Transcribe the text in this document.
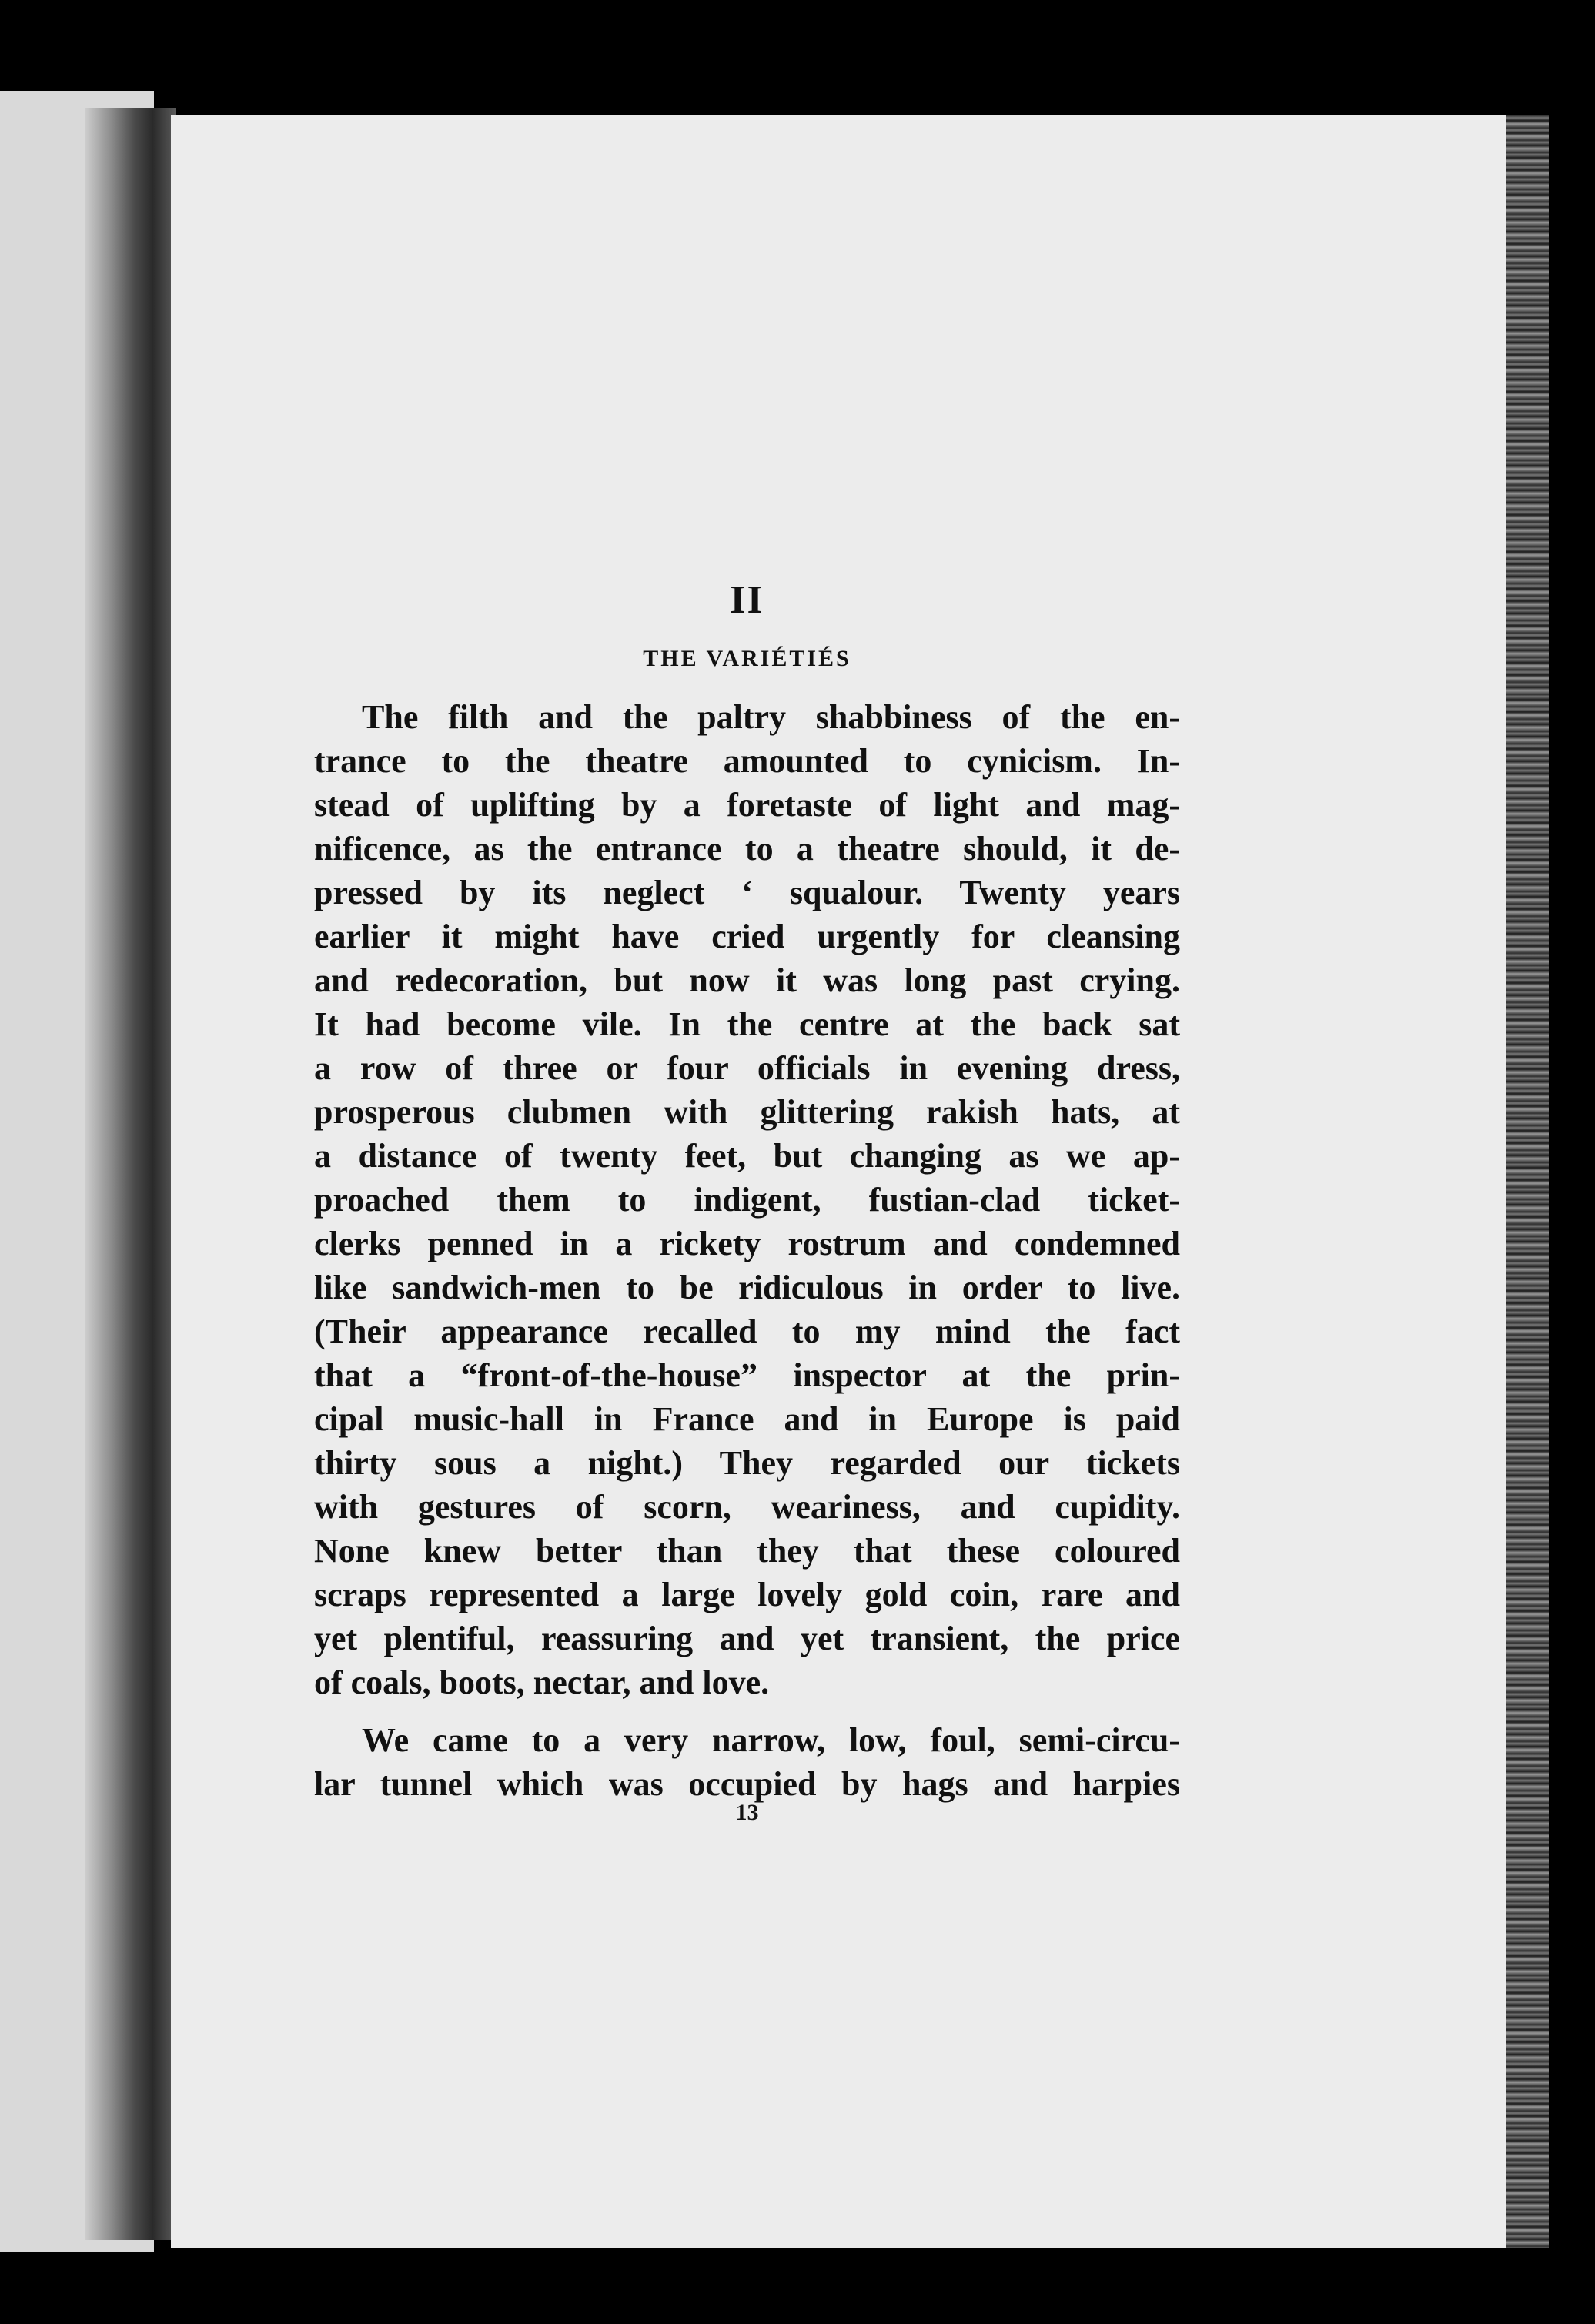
II
THE VARIÉTIÉS

The filth and the paltry shabbiness of the en-
trance to the theatre amounted to cynicism. In-
stead of uplifting by a foretaste of light and mag-
nificence, as the entrance to a theatre should, it de-
pressed by its neglect ‘ squalour. Twenty years
earlier it might have cried urgently for cleansing
and redecoration, but now it was long past crying.
It had become vile. In the centre at the back sat
a row of three or four officials in evening dress,
prosperous clubmen with glittering rakish hats, at
a distance of twenty feet, but changing as we ap-
proached them to indigent, fustian-clad ticket-
clerks penned in a rickety rostrum and condemned
like sandwich-men to be ridiculous in order to live.
(Their appearance recalled to my mind the fact
that a “front-of-the-house” inspector at the prin-
cipal music-hall in France and in Europe is paid
thirty sous a night.) They regarded our tickets
with gestures of scorn, weariness, and cupidity.
None knew better than they that these coloured
scraps represented a large lovely gold coin, rare and
yet plentiful, reassuring and yet transient, the price
of coals, boots, nectar, and love.

We came to a very narrow, low, foul, semi-circu-
lar tunnel which was occupied by hags and harpies

13
